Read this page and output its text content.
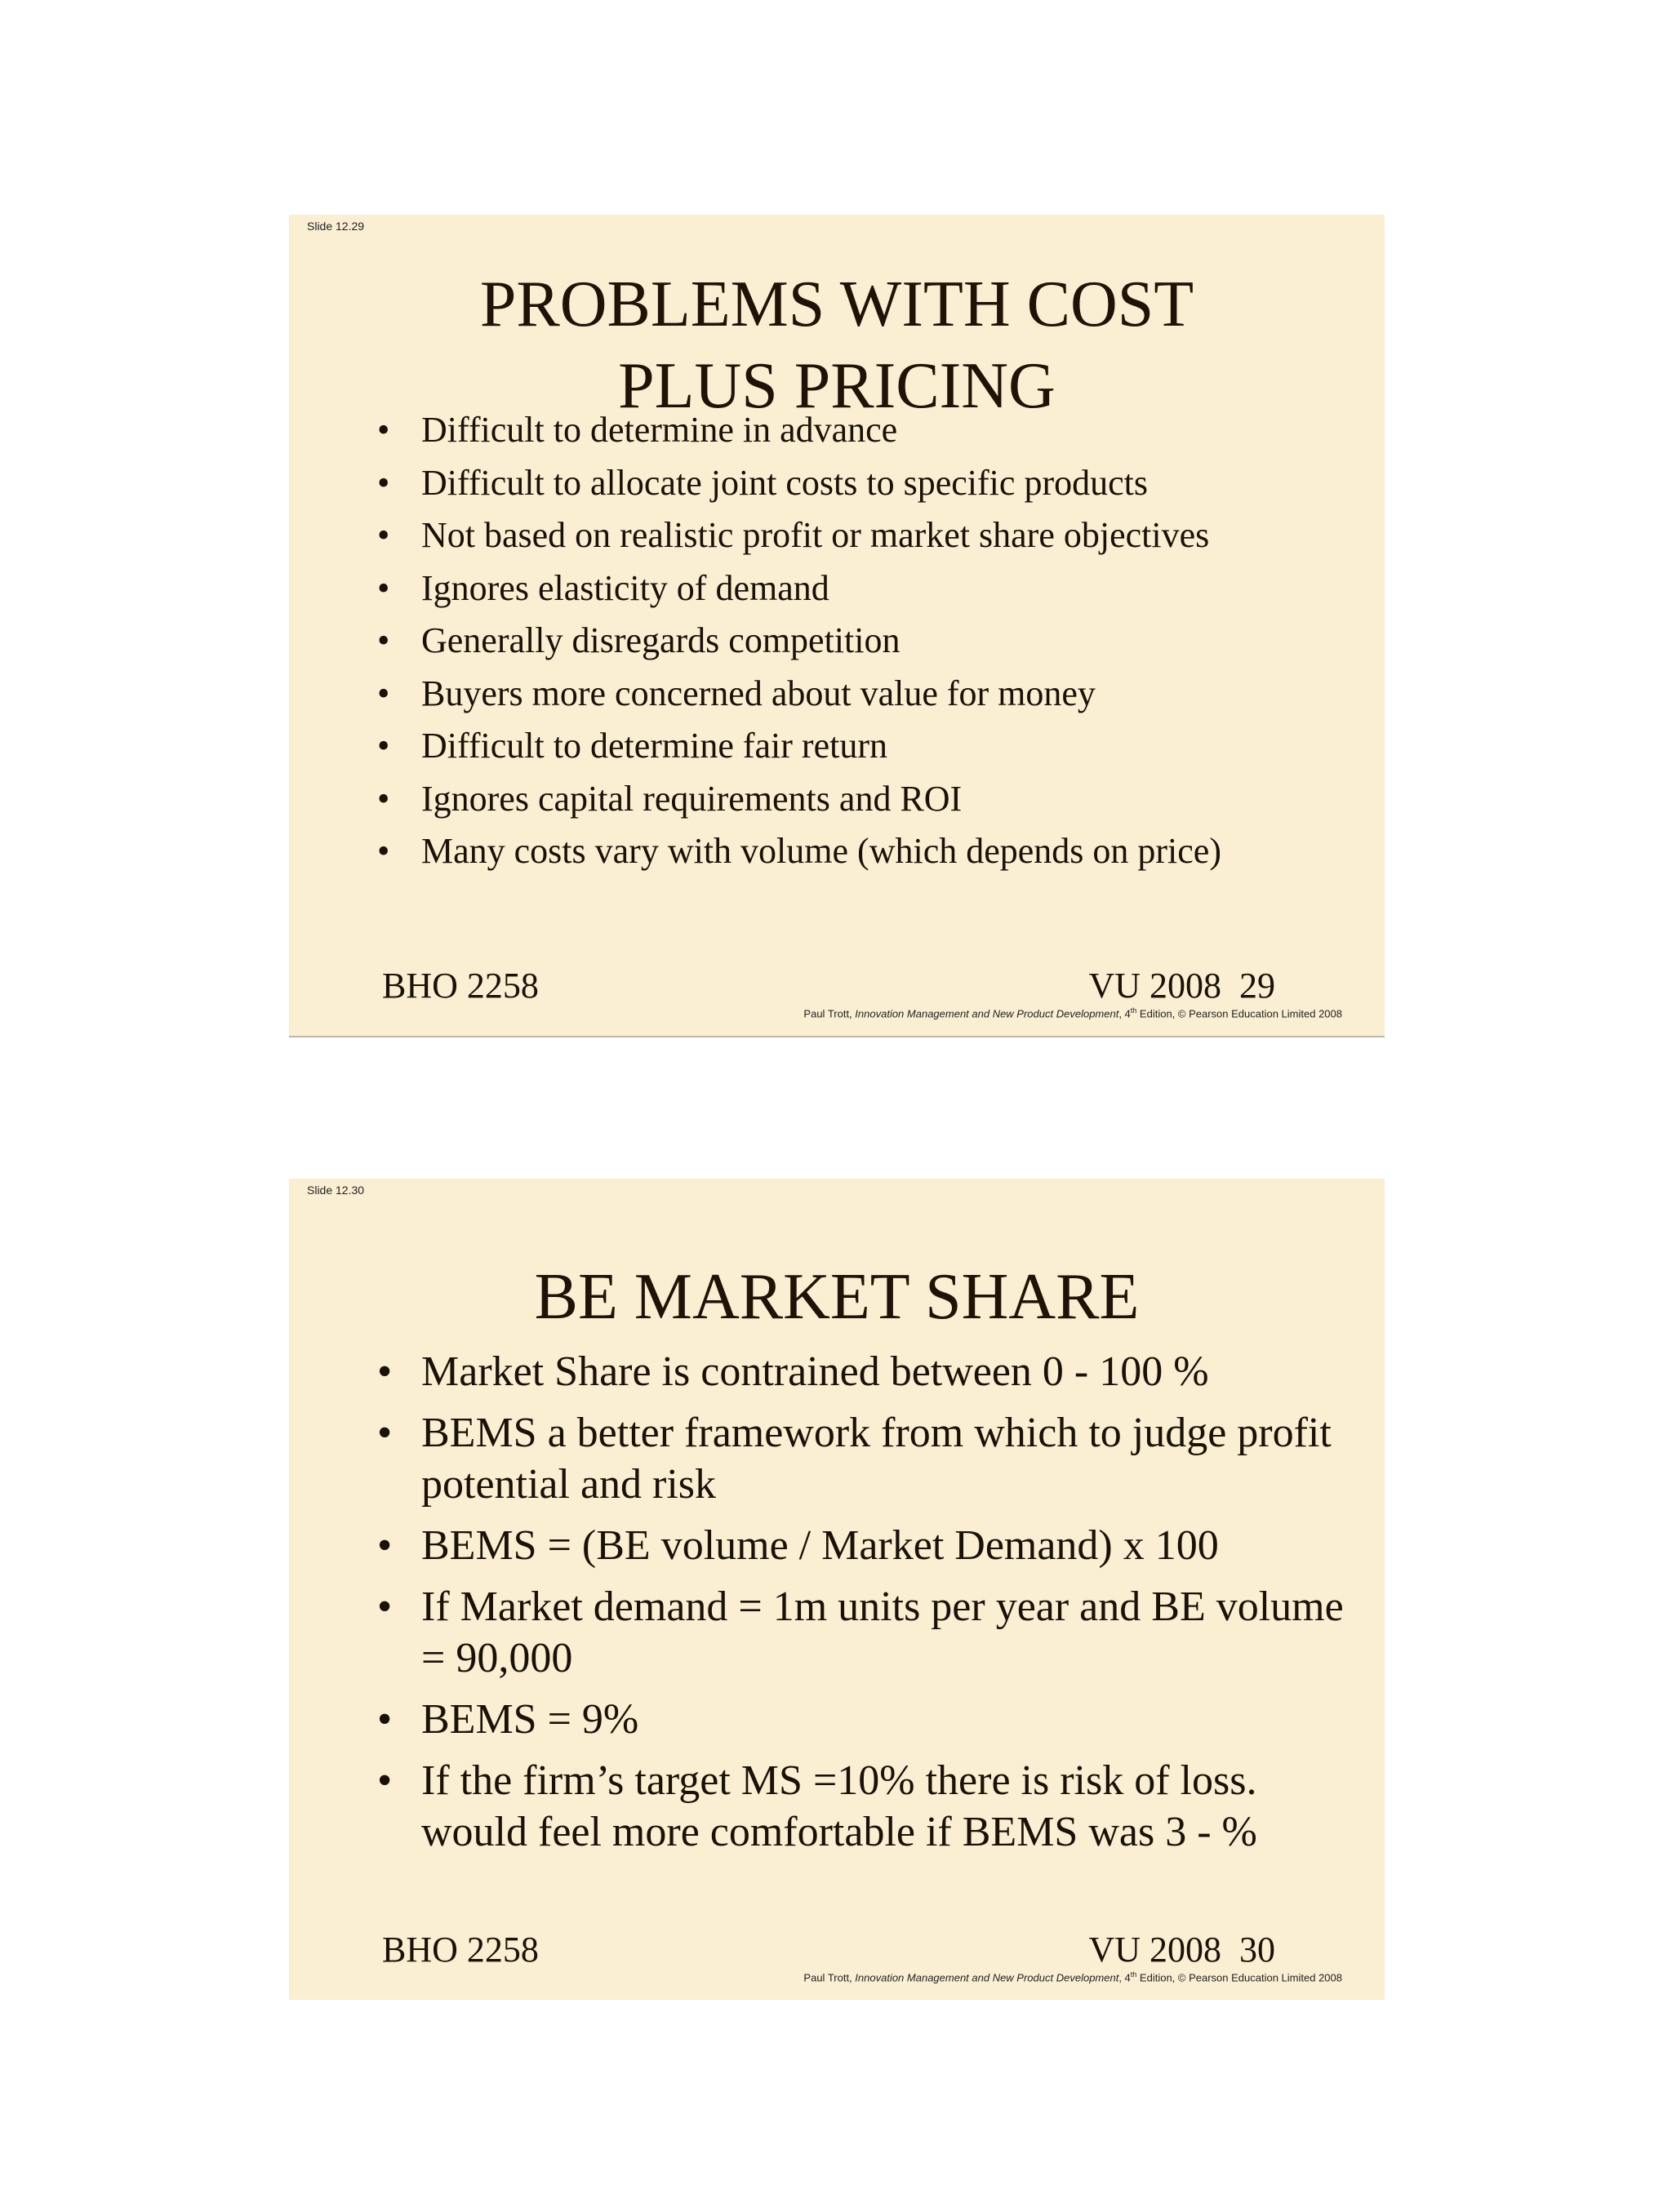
Slide 12.29
PROBLEMS WITH COST
PLUS PRICING
• Difficult to determine in advance
• Difficult to allocate joint costs to specific products
• Not based on realistic profit or market share objectives
• Ignores elasticity of demand
• Generally disregards competition
• Buyers more concerned about value for money
• Difficult to determine fair return
• Ignores capital requirements and ROI
• Many costs vary with volume (which depends on price)
BHO 2258	VU 2008  29
Paul Trott, Innovation Management and New Product Development, 4th Edition, © Pearson Education Limited 2008
Slide 12.30
BE MARKET SHARE
• Market Share is contrained between 0 - 100 %
• BEMS a better framework from which to judge profit potential and risk
• BEMS = (BE volume / Market Demand) x 100
• If Market demand = 1m units per year and BE volume = 90,000
• BEMS = 9%
• If the firm’s target MS =10% there is risk of loss. would feel more comfortable if BEMS was 3 - %
BHO 2258	VU 2008  30
Paul Trott, Innovation Management and New Product Development, 4th Edition, © Pearson Education Limited 2008
